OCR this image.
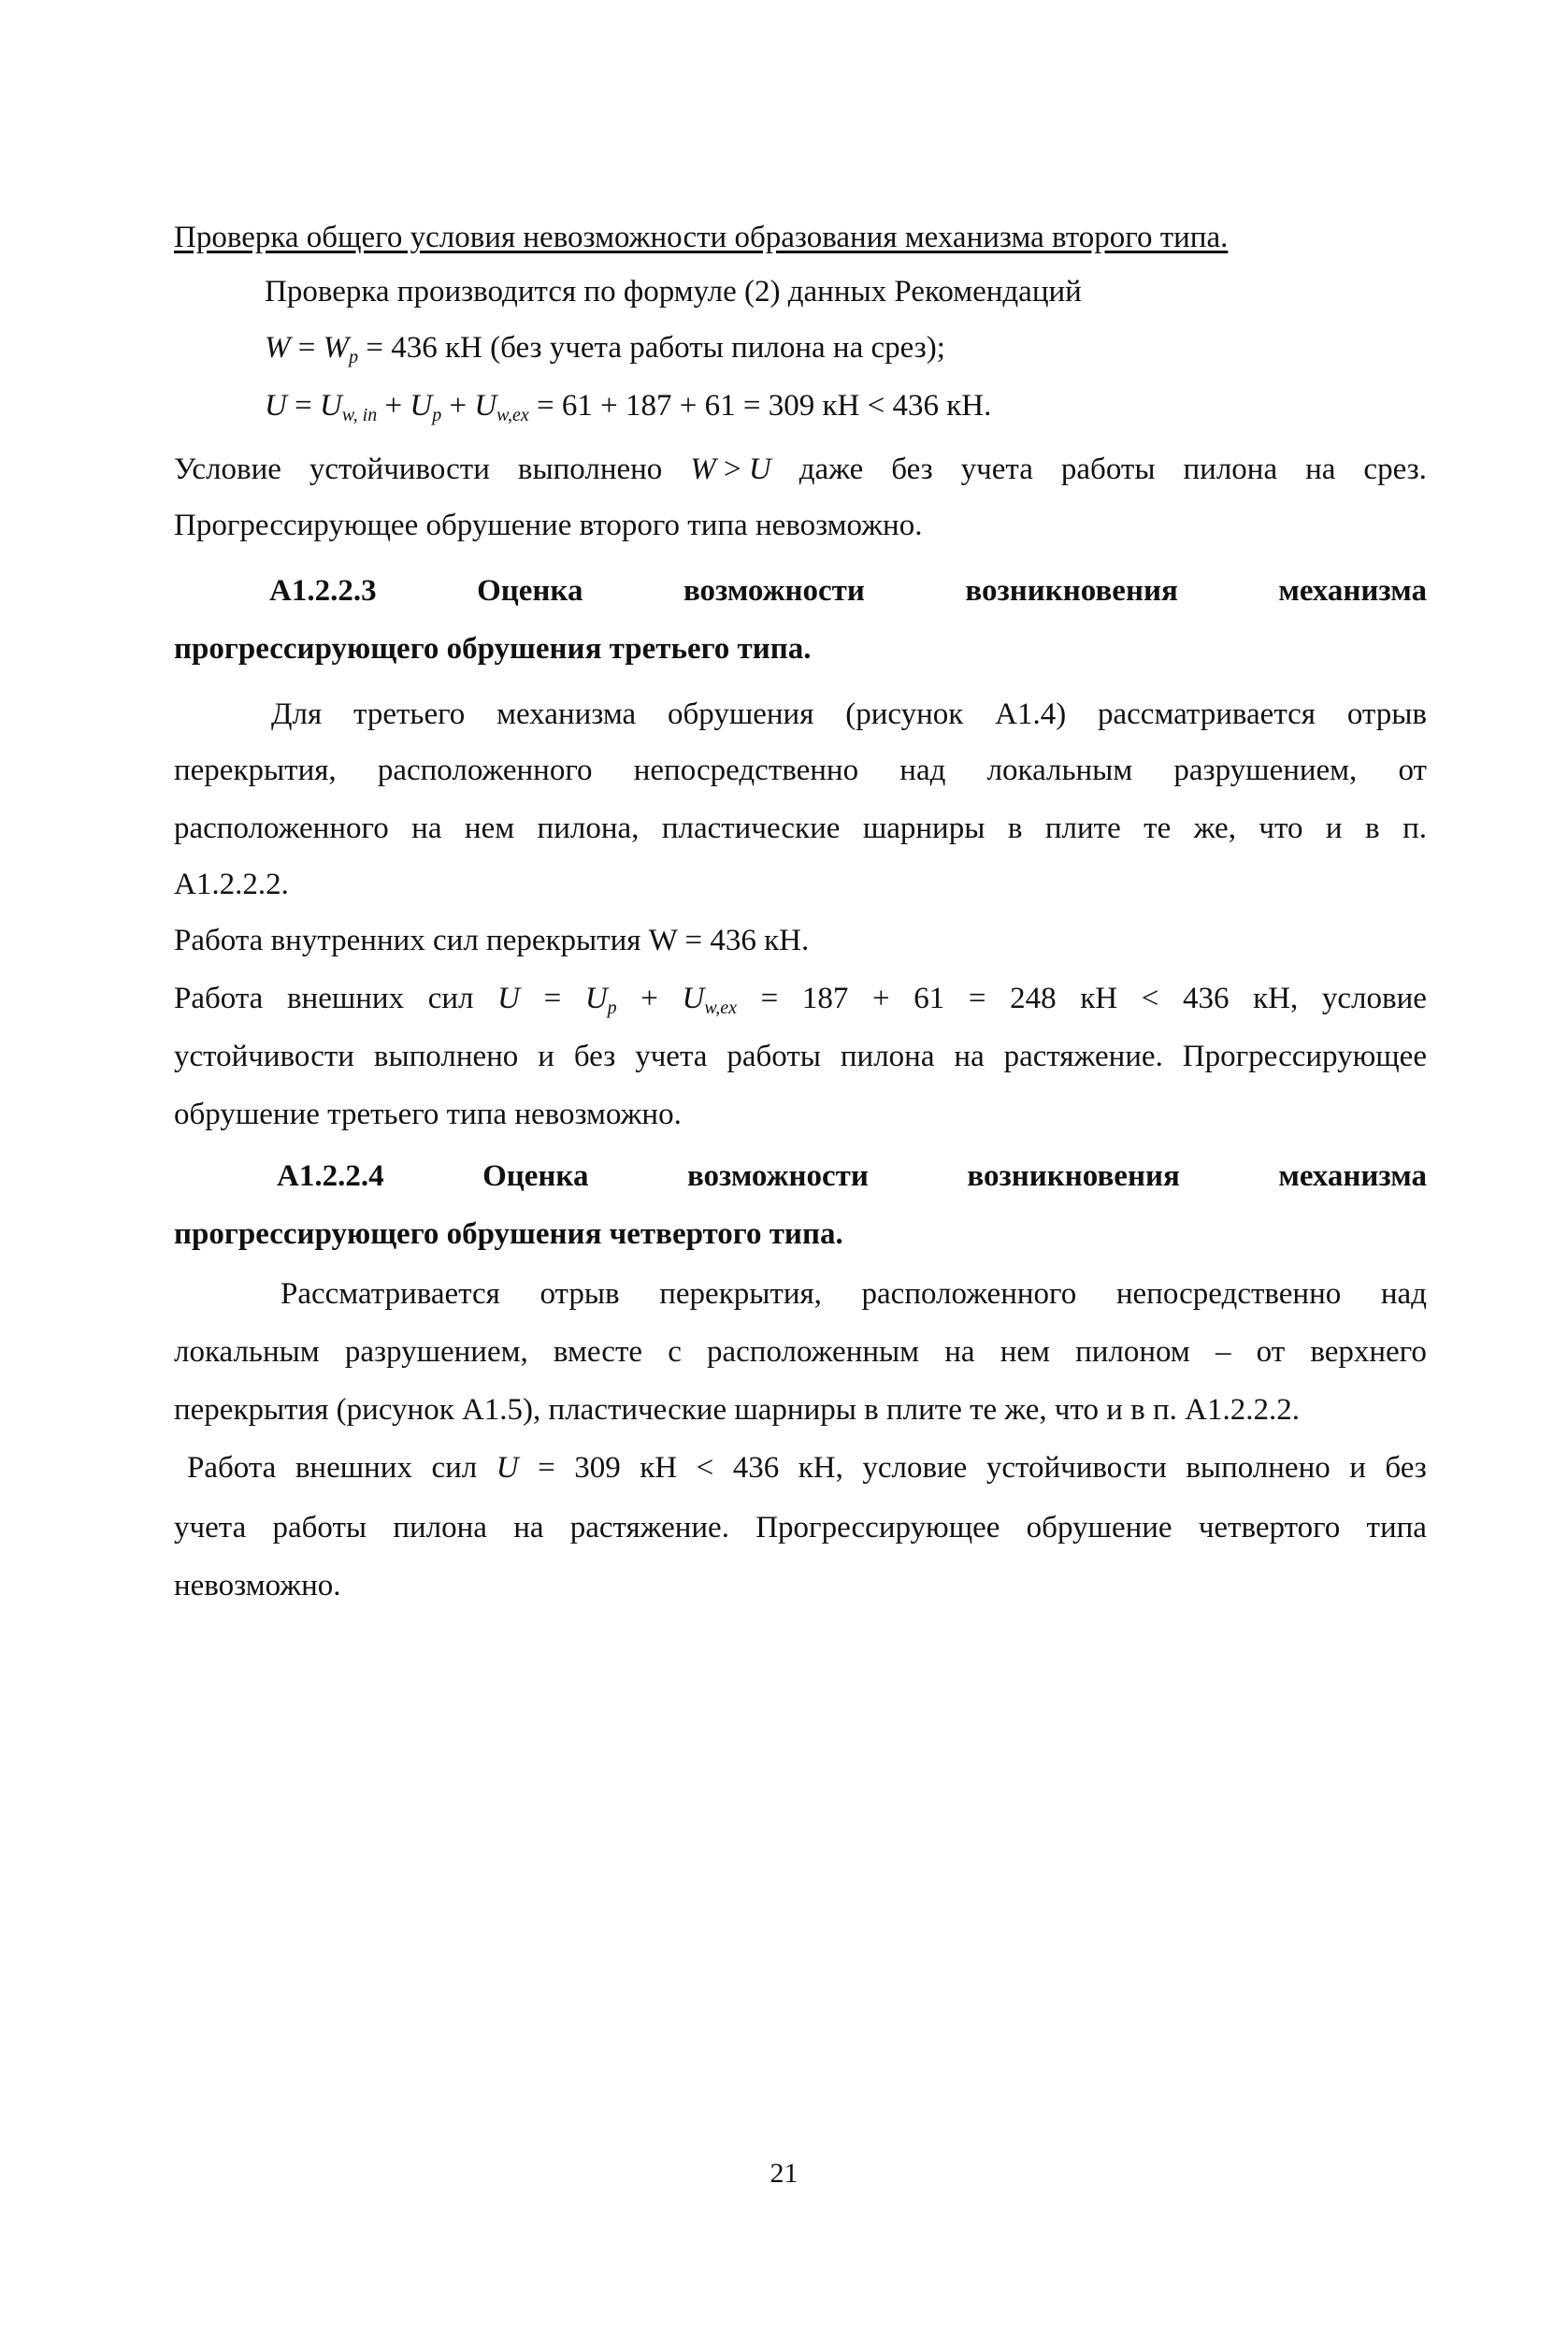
Проверка общего условия невозможности образования механизма второго типа.
Проверка производится по формуле (2) данных Рекомендаций
$W = W_p = 436$ кН (без учета работы пилона на срез);
$U = U_{w, in} + U_p + U_{w,ex} = 61 + 187 + 61 = 309$ кН < 436 кН.
Условие устойчивости выполнено W > U даже без учета работы пилона на срез.
Прогрессирующее обрушение второго типа невозможно.
А1.2.2.3	Оценка	возможности	возникновения	механизма
прогрессирующего обрушения третьего типа.
Для третьего механизма обрушения (рисунок А1.4) рассматривается отрыв
перекрытия, расположенного непосредственно над локальным разрушением, от
расположенного на нем пилона, пластические шарниры в плите те же, что и в п.
А1.2.2.2.
Работа внутренних сил перекрытия W = 436 кН.
Работа внешних сил $U = U_p + U_{w,ex} = 187 + 61 = 248$ кН < 436 кН, условие
устойчивости выполнено и без учета работы пилона на растяжение. Прогрессирующее
обрушение третьего типа невозможно.
А1.2.2.4	Оценка	возможности	возникновения	механизма
прогрессирующего обрушения четвертого типа.
Рассматривается отрыв перекрытия, расположенного непосредственно над
локальным разрушением, вместе с расположенным на нем пилоном – от верхнего
перекрытия (рисунок А1.5), пластические шарниры в плите те же, что и в п. А1.2.2.2.
Работа внешних сил U = 309 кН < 436 кН, условие устойчивости выполнено и без
учета работы пилона на растяжение. Прогрессирующее обрушение четвертого типа
невозможно.
21
